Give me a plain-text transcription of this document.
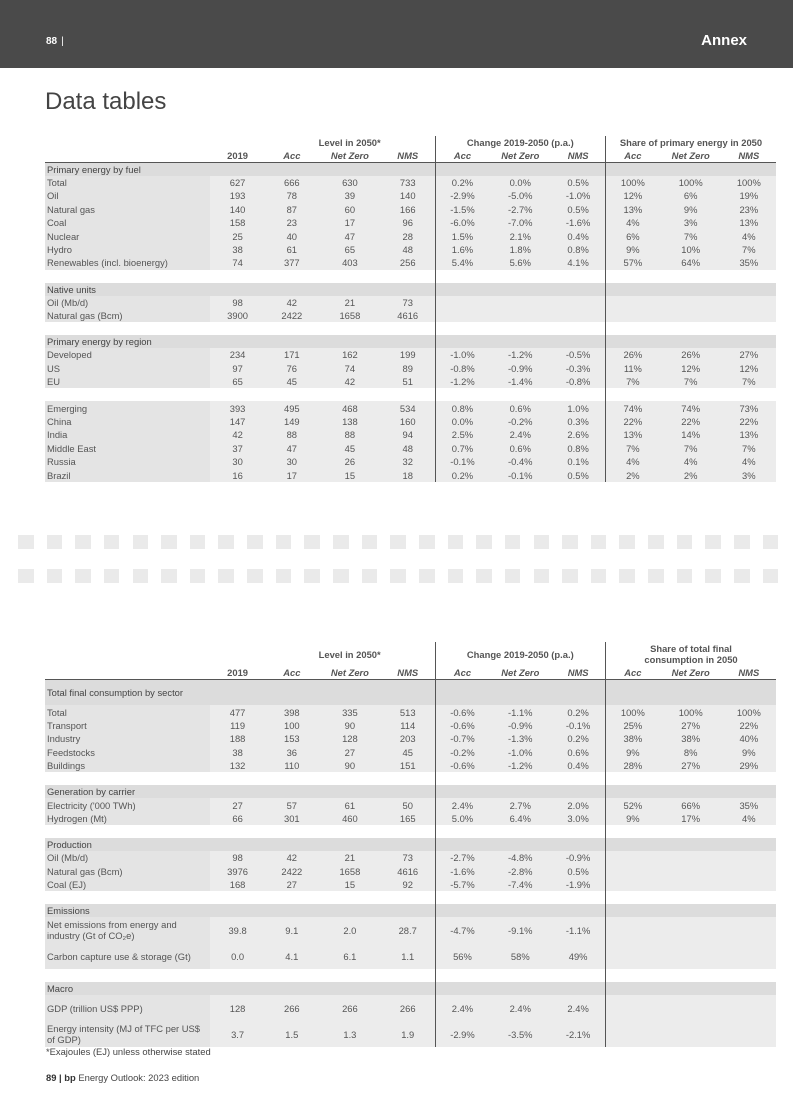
88 |	Annex
Data tables
		Level in 2050*			Change 2019-2050 (p.a.)			Share of primary energy in 2050		
	2019	Acc	Net Zero	NMS	Acc	Net Zero	NMS	Acc	Net Zero	NMS
Primary energy by fuel										
Total	627	666	630	733	0.2%	0.0%	0.5%	100%	100%	100%
Oil	193	78	39	140	-2.9%	-5.0%	-1.0%	12%	6%	19%
Natural gas	140	87	60	166	-1.5%	-2.7%	0.5%	13%	9%	23%
Coal	158	23	17	96	-6.0%	-7.0%	-1.6%	4%	3%	13%
Nuclear	25	40	47	28	1.5%	2.1%	0.4%	6%	7%	4%
Hydro	38	61	65	48	1.6%	1.8%	0.8%	9%	10%	7%
Renewables (incl. bioenergy)	74	377	403	256	5.4%	5.6%	4.1%	57%	64%	35%

Native units										
Oil (Mb/d)	98	42	21	73						
Natural gas (Bcm)	3900	2422	1658	4616						

Primary energy by region										
Developed	234	171	162	199	-1.0%	-1.2%	-0.5%	26%	26%	27%
US	97	76	74	89	-0.8%	-0.9%	-0.3%	11%	12%	12%
EU	65	45	42	51	-1.2%	-1.4%	-0.8%	7%	7%	7%

Emerging	393	495	468	534	0.8%	0.6%	1.0%	74%	74%	73%
China	147	149	138	160	0.0%	-0.2%	0.3%	22%	22%	22%
India	42	88	88	94	2.5%	2.4%	2.6%	13%	14%	13%
Middle East	37	47	45	48	0.7%	0.6%	0.8%	7%	7%	7%
Russia	30	30	26	32	-0.1%	-0.4%	0.1%	4%	4%	4%
Brazil	16	17	15	18	0.2%	-0.1%	0.5%	2%	2%	3%
		Level in 2050*			Change 2019-2050 (p.a.)			Share of total final
consumption in 2050		
	2019	Acc	Net Zero	NMS	Acc	Net Zero	NMS	Acc	Net Zero	NMS
Total final consumption by sector										
Total	477	398	335	513	-0.6%	-1.1%	0.2%	100%	100%	100%
Transport	119	100	90	114	-0.6%	-0.9%	-0.1%	25%	27%	22%
Industry	188	153	128	203	-0.7%	-1.3%	0.2%	38%	38%	40%
Feedstocks	38	36	27	45	-0.2%	-1.0%	0.6%	9%	8%	9%
Buildings	132	110	90	151	-0.6%	-1.2%	0.4%	28%	27%	29%

Generation by carrier										
Electricity ('000 TWh)	27	57	61	50	2.4%	2.7%	2.0%	52%	66%	35%
Hydrogen (Mt)	66	301	460	165	5.0%	6.4%	3.0%	9%	17%	4%

Production										
Oil (Mb/d)	98	42	21	73	-2.7%	-4.8%	-0.9%			
Natural gas (Bcm)	3976	2422	1658	4616	-1.6%	-2.8%	0.5%			
Coal (EJ)	168	27	15	92	-5.7%	-7.4%	-1.9%			

Emissions										
Net emissions from energy and industry (Gt of CO₂e)	39.8	9.1	2.0	28.7	-4.7%	-9.1%	-1.1%			
Carbon capture use & storage (Gt)	0.0	4.1	6.1	1.1	56%	58%	49%			

Macro										
GDP (trillion US$ PPP)	128	266	266	266	2.4%	2.4%	2.4%			
Energy intensity (MJ of TFC per US$ of GDP)	3.7	1.5	1.3	1.9	-2.9%	-3.5%	-2.1%			
*Exajoules (EJ) unless otherwise stated
89 | bp Energy Outlook: 2023 edition
